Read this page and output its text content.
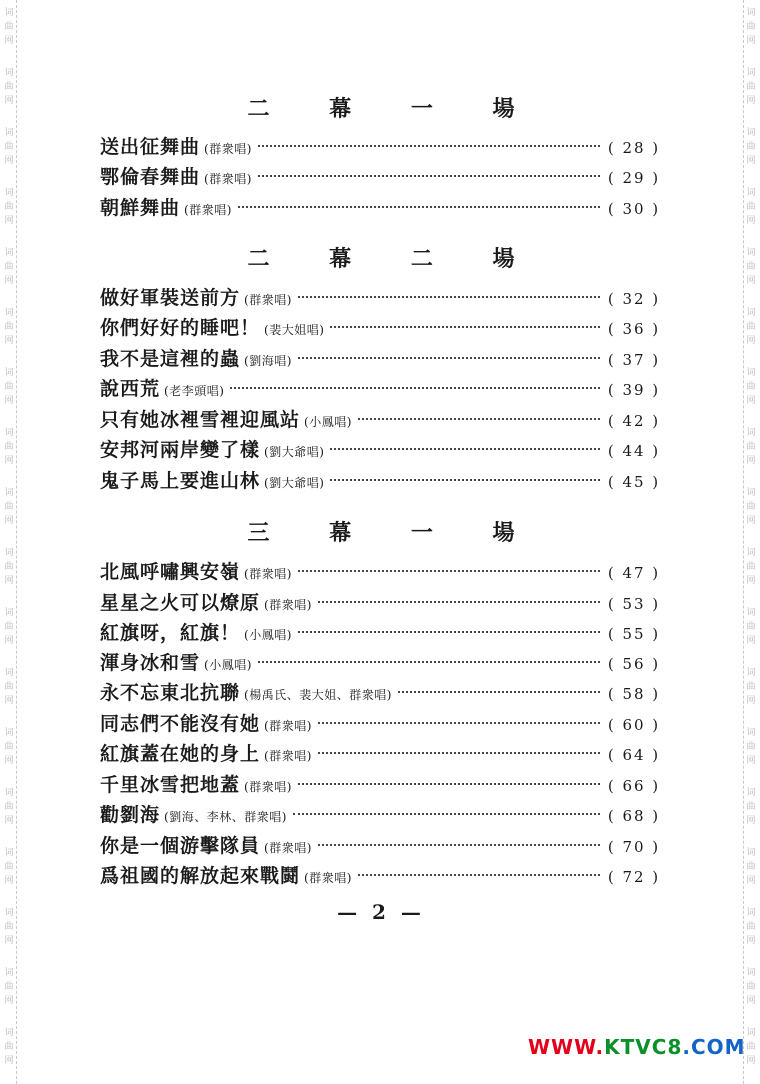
词
曲
网
词
曲
网
词
曲
网
词
曲
网
词
曲
网
词
曲
网
词
曲
网
词
曲
网
词
曲
网
词
曲
网
词
曲
网
词
曲
网
词
曲
网
词
曲
网
词
曲
网
词
曲
网
词
曲
网
词
曲
网
词
曲
网
词
曲
网
词
曲
网
词
曲
网
词
曲
网
词
曲
网
词
曲
网
词
曲
网
词
曲
网
词
曲
网
词
曲
网
词
曲
网
词
曲
网
词
曲
网
词
曲
网
词
曲
网
词
曲
网
词
曲
网
二 幕 一 場
送出征舞曲 (群衆唱)	( 28 )
鄂倫春舞曲 (群衆唱)	( 29 )
朝鮮舞曲 (群衆唱)	( 30 )
二 幕 二 場
做好軍裝送前方 (群衆唱)	( 32 )
你們好好的睡吧！ (裴大姐唱)	( 36 )
我不是這裡的蟲 (劉海唱)	( 37 )
說西荒 (老李頭唱)	( 39 )
只有她冰裡雪裡迎風站 (小鳳唱)	( 42 )
安邦河兩岸變了樣 (劉大爺唱)	( 44 )
鬼子馬上要進山林 (劉大爺唱)	( 45 )
三 幕 一 場
北風呼嘯興安嶺 (群衆唱)	( 47 )
星星之火可以燎原 (群衆唱)	( 53 )
紅旗呀，紅旗！ (小鳳唱)	( 55 )
渾身冰和雪 (小鳳唱)	( 56 )
永不忘東北抗聯 (楊禹氏、裴大姐、群衆唱)	( 58 )
同志們不能沒有她 (群衆唱)	( 60 )
紅旗蓋在她的身上 (群衆唱)	( 64 )
千里冰雪把地蓋 (群衆唱)	( 66 )
勸劉海 (劉海、李林、群衆唱)	( 68 )
你是一個游擊隊員 (群衆唱)	( 70 )
爲祖國的解放起來戰鬪 (群衆唱)	( 72 )
— 2 —
WWW.KTVC8.COM
